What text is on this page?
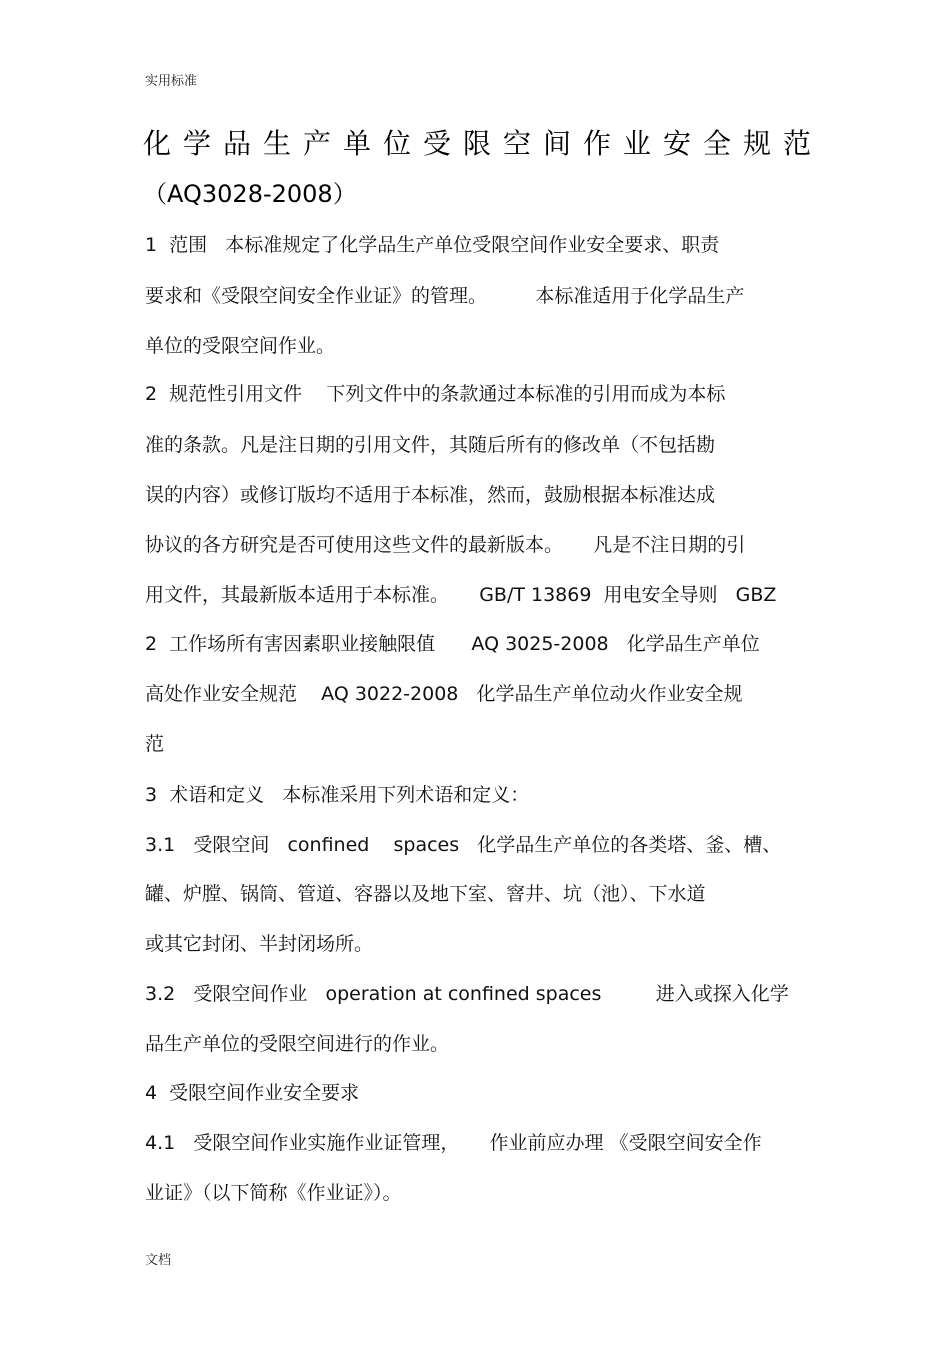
实用标准
化学品生产单位受限空间作业安全规范
（AQ3028-2008）
1  范围   本标准规定了化学品生产单位受限空间作业安全要求、职责
要求和《受限空间安全作业证》的管理。        本标准适用于化学品生产
单位的受限空间作业。
2  规范性引用文件    下列文件中的条款通过本标准的引用而成为本标
准的条款。凡是注日期的引用文件，其随后所有的修改单（不包括勘
误的内容）或修订版均不适用于本标准，然而，鼓励根据本标准达成
协议的各方研究是否可使用这些文件的最新版本。     凡是不注日期的引
用文件，其最新版本适用于本标准。     GB/T 13869  用电安全导则   GBZ
2  工作场所有害因素职业接触限值      AQ 3025-2008   化学品生产单位
高处作业安全规范    AQ 3022-2008   化学品生产单位动火作业安全规
范
3  术语和定义   本标准采用下列术语和定义：
3.1   受限空间   confined    spaces   化学品生产单位的各类塔、釜、槽、
罐、炉膛、锅筒、管道、容器以及地下室、窨井、坑（池）、下水道
或其它封闭、半封闭场所。
3.2   受限空间作业   operation at confined spaces         进入或探入化学
品生产单位的受限空间进行的作业。
4  受限空间作业安全要求
4.1   受限空间作业实施作业证管理，     作业前应办理 《受限空间安全作
业证》（以下简称《作业证》）。
文档
